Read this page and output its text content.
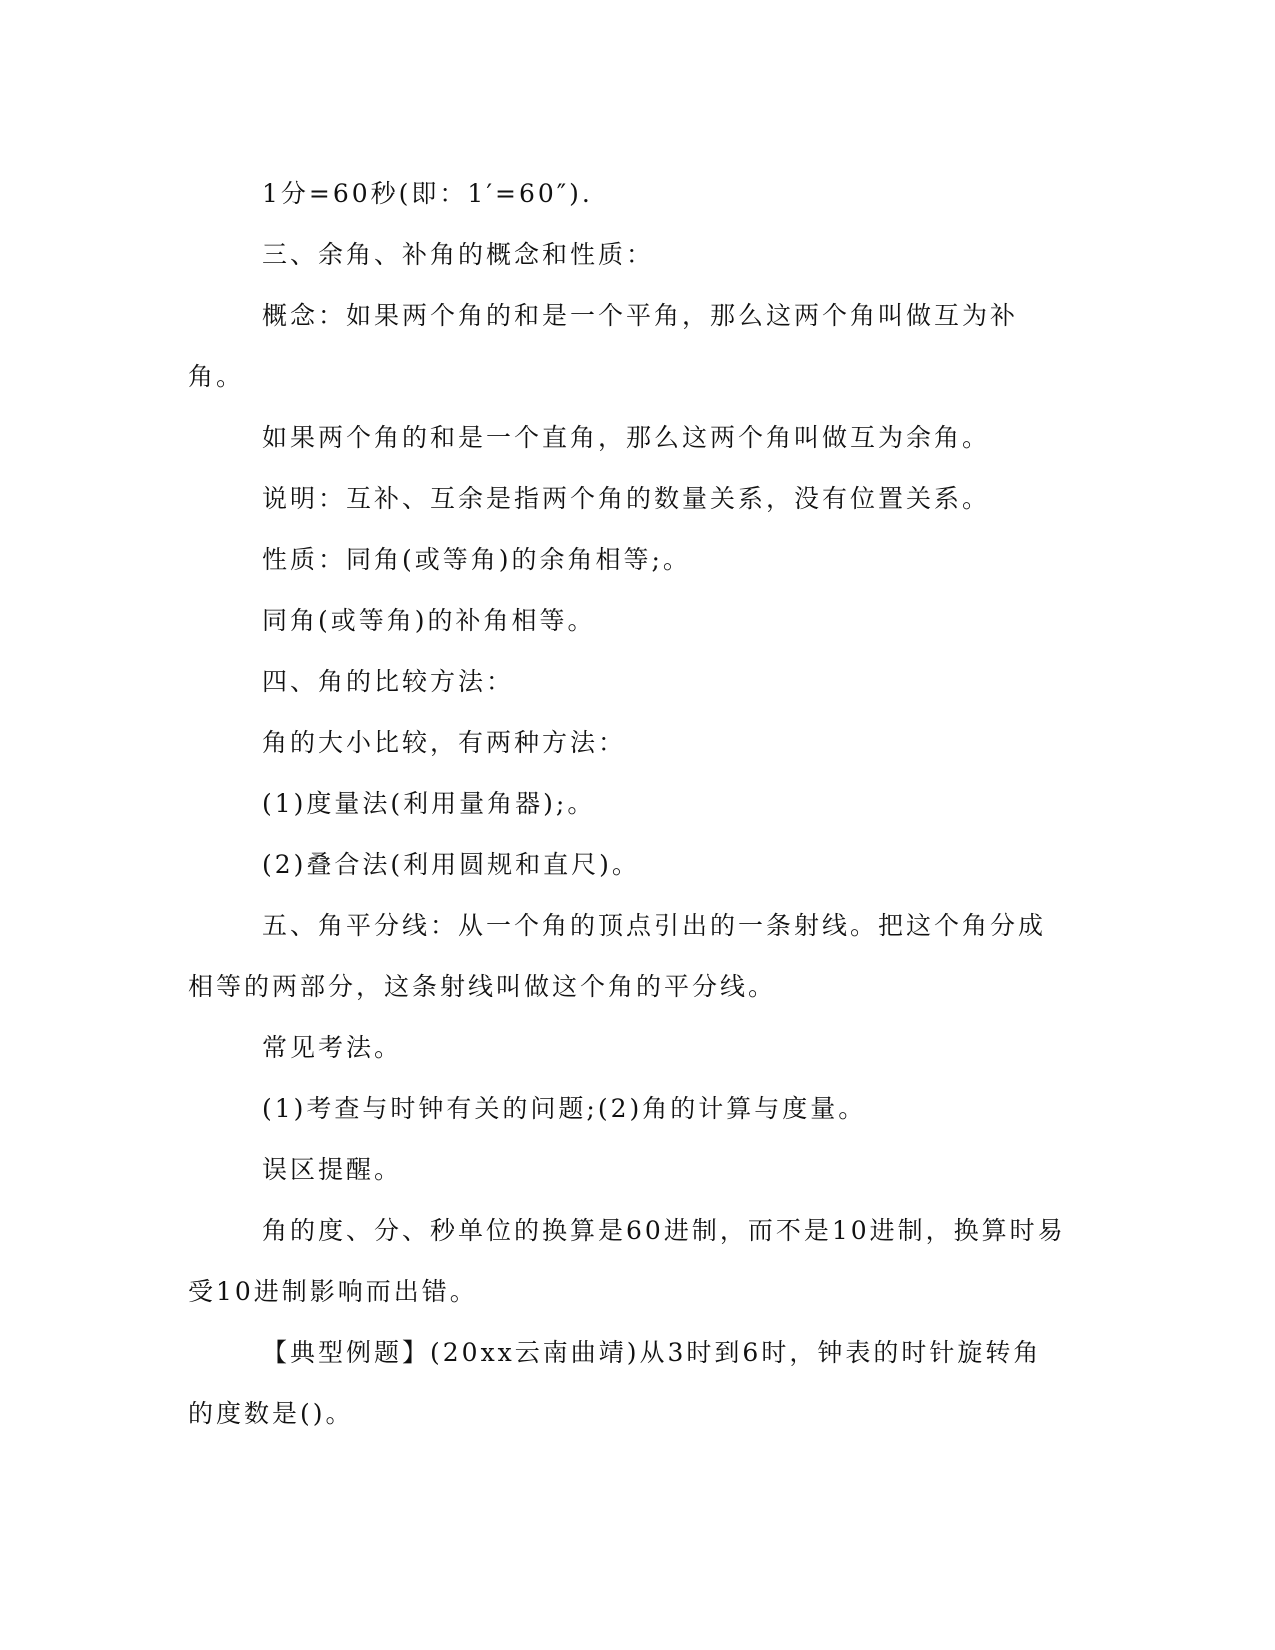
1分=60秒(即：1′=60″).

三、余角、补角的概念和性质：

概念：如果两个角的和是一个平角，那么这两个角叫做互为补角。

如果两个角的和是一个直角，那么这两个角叫做互为余角。

说明：互补、互余是指两个角的数量关系，没有位置关系。

性质：同角(或等角)的余角相等;。

同角(或等角)的补角相等。

四、角的比较方法：

角的大小比较，有两种方法：

(1)度量法(利用量角器);。

(2)叠合法(利用圆规和直尺)。

五、角平分线：从一个角的顶点引出的一条射线。把这个角分成相等的两部分，这条射线叫做这个角的平分线。

常见考法。

(1)考查与时钟有关的问题;(2)角的计算与度量。

误区提醒。

角的度、分、秒单位的换算是60进制，而不是10进制，换算时易受10进制影响而出错。

【典型例题】(20xx云南曲靖)从3时到6时，钟表的时针旋转角的度数是()。
